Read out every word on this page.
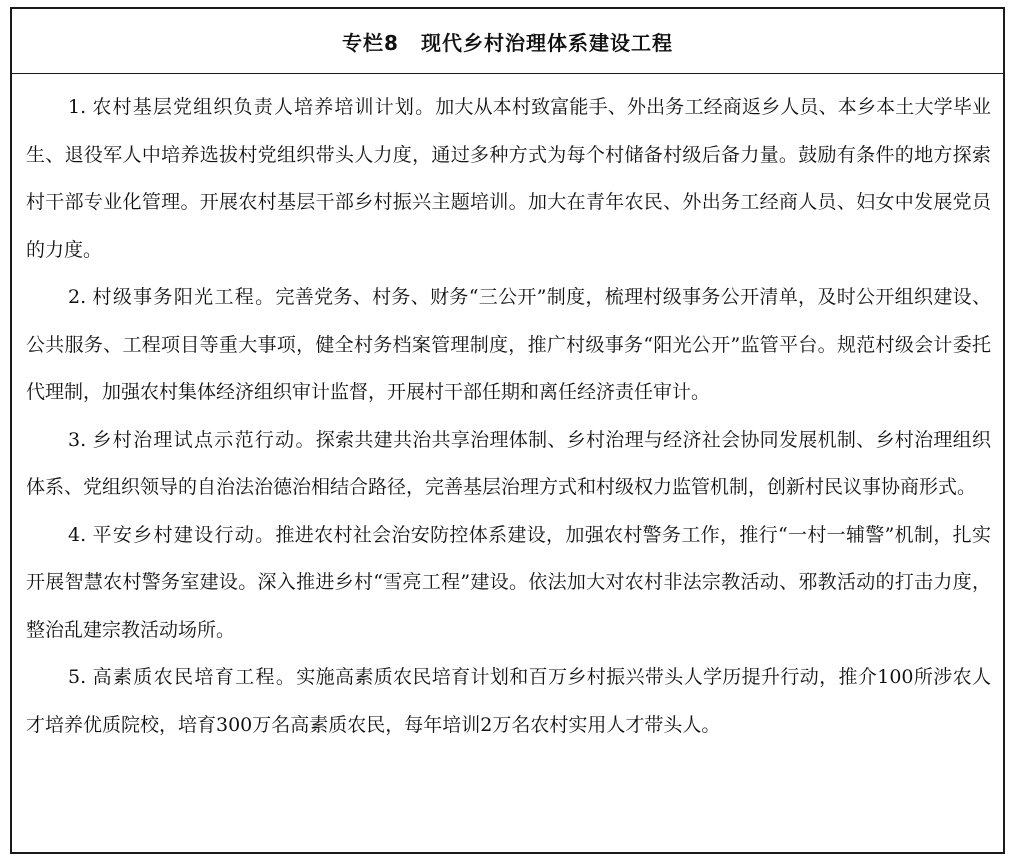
专栏8 现代乡村治理体系建设工程

1. 农村基层党组织负责人培养培训计划。加大从本村致富能手、外出务工经商返乡人员、本乡本土大学毕业生、退役军人中培养选拔村党组织带头人力度，通过多种方式为每个村储备村级后备力量。鼓励有条件的地方探索村干部专业化管理。开展农村基层干部乡村振兴主题培训。加大在青年农民、外出务工经商人员、妇女中发展党员的力度。

2. 村级事务阳光工程。完善党务、村务、财务“三公开”制度，梳理村级事务公开清单，及时公开组织建设、公共服务、工程项目等重大事项，健全村务档案管理制度，推广村级事务“阳光公开”监管平台。规范村级会计委托代理制，加强农村集体经济组织审计监督，开展村干部任期和离任经济责任审计。

3. 乡村治理试点示范行动。探索共建共治共享治理体制、乡村治理与经济社会协同发展机制、乡村治理组织体系、党组织领导的自治法治德治相结合路径，完善基层治理方式和村级权力监管机制，创新村民议事协商形式。

4. 平安乡村建设行动。推进农村社会治安防控体系建设，加强农村警务工作，推行“一村一辅警”机制，扎实开展智慧农村警务室建设。深入推进乡村“雪亮工程”建设。依法加大对农村非法宗教活动、邪教活动的打击力度，整治乱建宗教活动场所。

5. 高素质农民培育工程。实施高素质农民培育计划和百万乡村振兴带头人学历提升行动，推介100所涉农人才培养优质院校，培育300万名高素质农民，每年培训2万名农村实用人才带头人。
